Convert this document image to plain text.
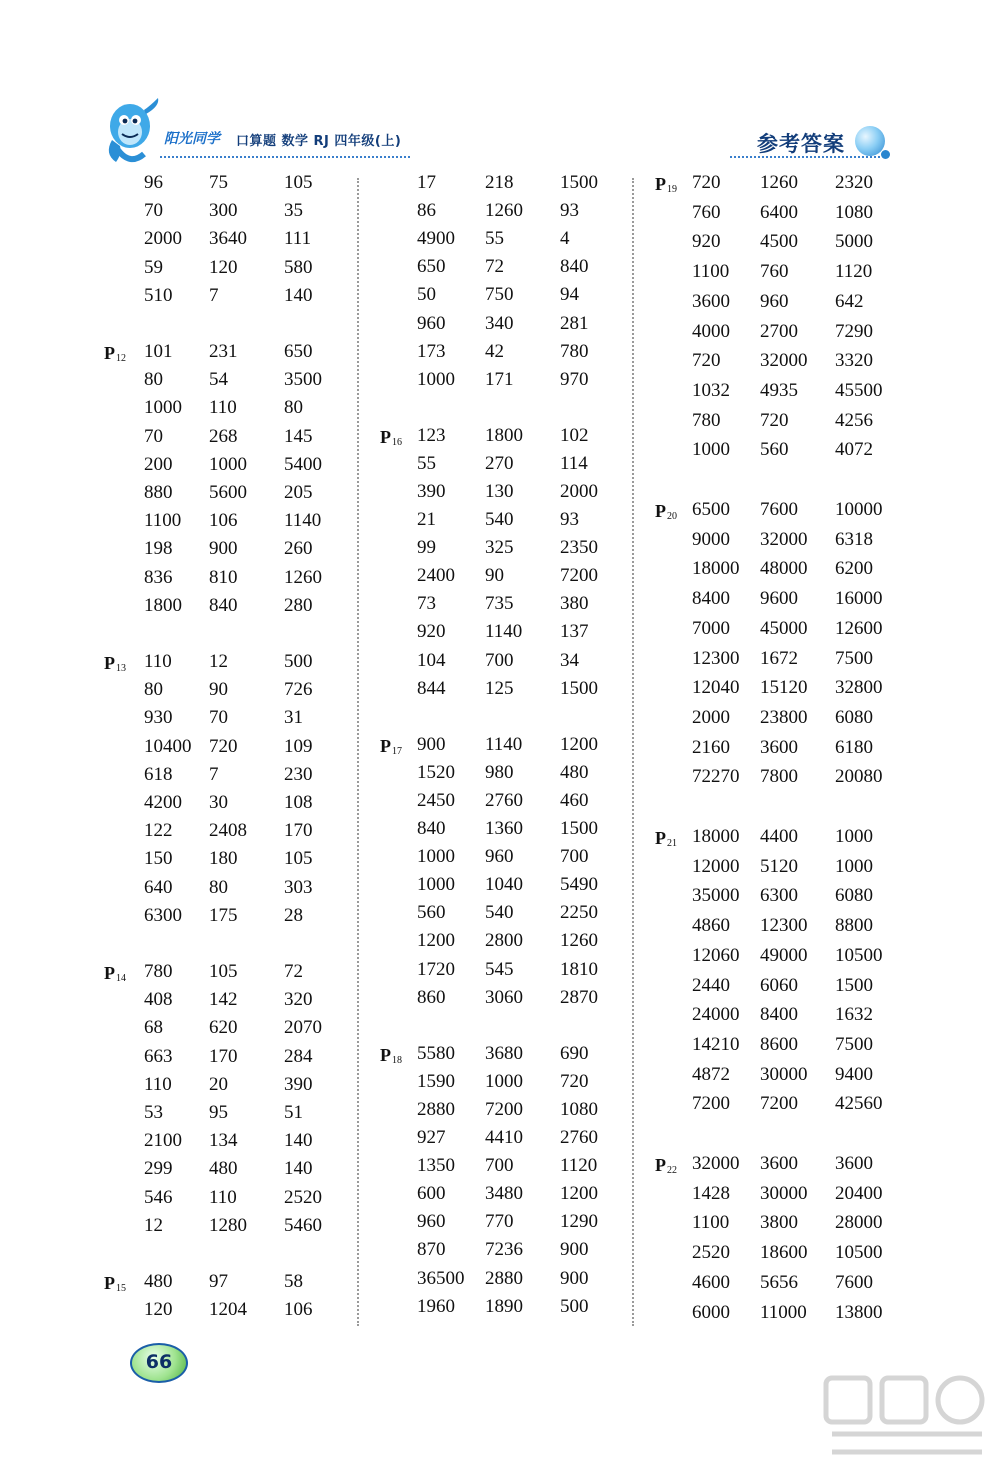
阳光同学 口算题 数学 RJ 四年级(上)	参考答案
96 75	105
70 300 35
2000 3640 111
59 120 580
510 7	140
$P_{12}$ 101 231 650
80 54	3500
1000 110 80
70 268 145
200 1000 5400
880 5600 205
1100 106 1140
198 900 260
836 810 1260
1800 840 280
$P_{13}$ 110 12	500
80 90	726
930 70	31
10400 720 109
618 7	230
4200 30	108
122 2408 170
150 180 105
640 80	303
6300 175 28
$P_{14}$ 780 105 72
408 142 320
68 620 2070
663 170 284
110 20	390
53 95	51
2100 134 140
299 480 140
546 110 2520
12 1280 5460
$P_{15}$ 480 97	58
120 1204 106
17	218 1500
86	1260 93
4900 55	4
650 72	840
50	750 94
960 340 281
173 42	780
1000 171 970
$P_{16}$ 123 1800 102
55	270 114
390 130 2000
21	540 93
99	325 2350
2400 90	7200
73	735 380
920 1140 137
104 700 34
844 125 1500
$P_{17}$ 900 1140 1200
1520 980 480
2450 2760 460
840 1360 1500
1000 960 700
1000 1040 5490
560 540 2250
1200 2800 1260
1720 545 1810
860 3060 2870
$P_{18}$ 5580 3680 690
1590 1000 720
2880 7200 1080
927 4410 2760
1350 700 1120
600 3480 1200
960 770 1290
870 7236 900
36500 2880 900
1960 1890 500
$P_{19}$ 720 1260 2320
760 6400 1080
920 4500 5000
1100 760 1120
3600 960 642
4000 2700 7290
720 32000 3320
1032 4935 45500
780 720 4256
1000 560 4072
$P_{20}$ 6500 7600 10000
9000 32000 6318
18000 48000 6200
8400 9600 16000
7000 45000 12600
12300 1672 7500
12040 15120 32800
2000 23800 6080
2160 3600 6180
72270 7800 20080
$P_{21}$ 18000 4400 1000
12000 5120 1000
35000 6300 6080
4860 12300 8800
12060 49000 10500
2440 6060 1500
24000 8400 1632
14210 8600 7500
4872 30000 9400
7200 7200 42560
$P_{22}$ 32000 3600 3600
1428 30000 20400
1100 3800 28000
2520 18600 10500
4600 5656 7600
6000 11000 13800
66
